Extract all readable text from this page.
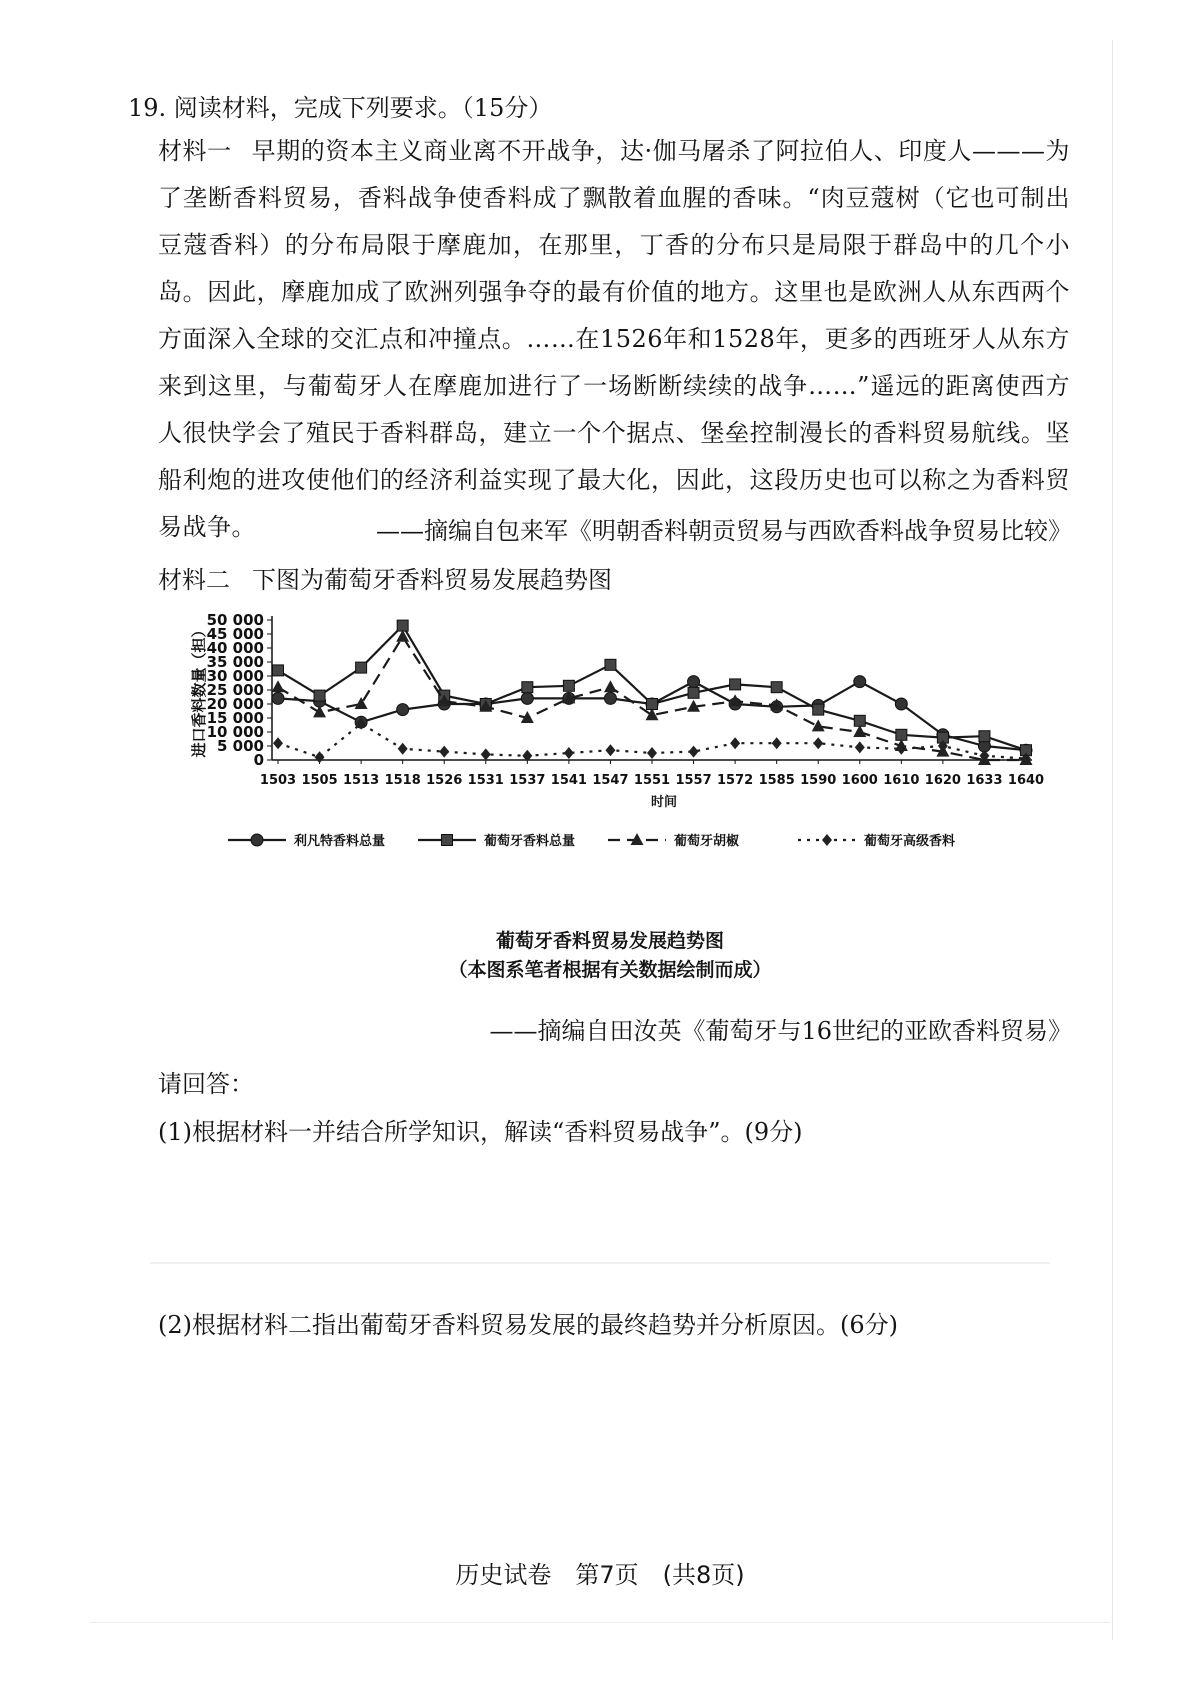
19. 阅读材料，完成下列要求。（15分）
材料一 早期的资本主义商业离不开战争，达·伽马屠杀了阿拉伯人、印度人———为了垄断香料贸易，香料战争使香料成了飘散着血腥的香味。“肉豆蔻树（它也可制出豆蔻香料）的分布局限于摩鹿加，在那里，丁香的分布只是局限于群岛中的几个小岛。因此，摩鹿加成了欧洲列强争夺的最有价值的地方。这里也是欧洲人从东西两个方面深入全球的交汇点和冲撞点。……在1526年和1528年，更多的西班牙人从东方来到这里，与葡萄牙人在摩鹿加进行了一场断断续续的战争……”遥远的距离使西方人很快学会了殖民于香料群岛，建立一个个据点、堡垒控制漫长的香料贸易航线。坚船利炮的进攻使他们的经济利益实现了最大化，因此，这段历史也可以称之为香料贸易战争。	——摘编自包来军《明朝香料朝贡贸易与西欧香料战争贸易比较》
材料二 下图为葡萄牙香料贸易发展趋势图
0
5 000
10 000
15 000
20 000
25 000
30 000
35 000
40 000
45 000
50 000
进口香料数量（担）
1503 1505 1513 1518 1526 1531 1537 1541 1547 1551 1557 1572 1585 1590 1600 1610 1620 1633 1640
时间
利凡特香料总量	葡萄牙香料总量	葡萄牙胡椒	葡萄牙高级香料
葡萄牙香料贸易发展趋势图
（本图系笔者根据有关数据绘制而成）
——摘编自田汝英《葡萄牙与16世纪的亚欧香料贸易》
请回答：
(1)根据材料一并结合所学知识，解读“香料贸易战争”。(9分)
(2)根据材料二指出葡萄牙香料贸易发展的最终趋势并分析原因。(6分)
历史试卷　第7页　(共8页)
